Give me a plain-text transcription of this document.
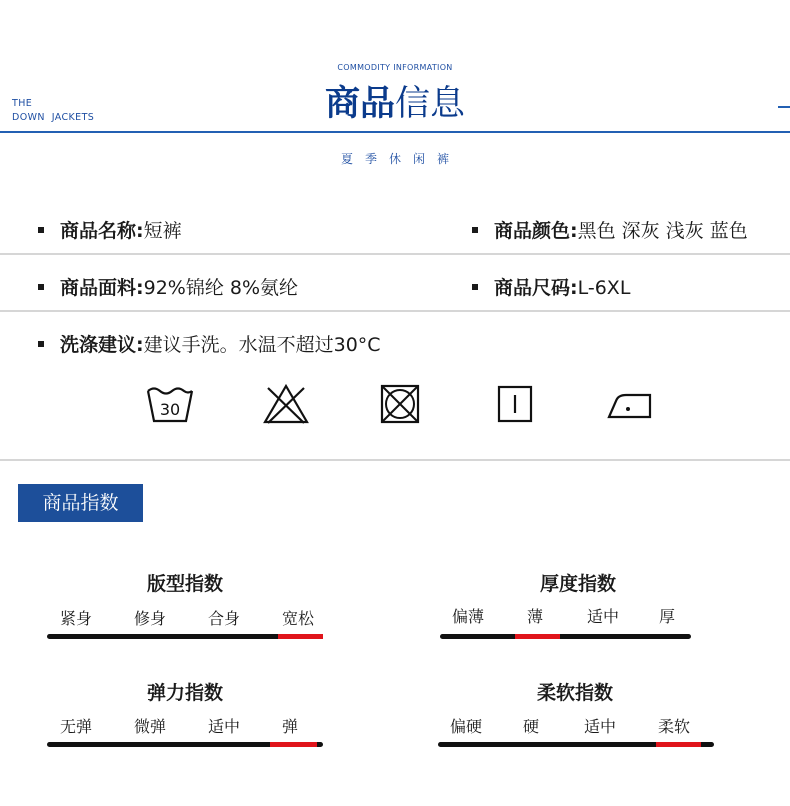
COMMODITY INFORMATION
商品信息
THE
DOWN  JACKETS
夏 季 休 闲 裤
商品名称:短裤	商品颜色:黑色 深灰 浅灰 蓝色
商品面料:92%锦纶 8%氨纶	商品尺码:L-6XL
洗涤建议:建议手洗。水温不超过30°C
30
商品指数
版型指数
紧身	修身	合身	宽松
厚度指数
偏薄	薄	适中 厚
弹力指数
无弹	微弹	适中	弹
柔软指数
偏硬	硬	适中	柔软
